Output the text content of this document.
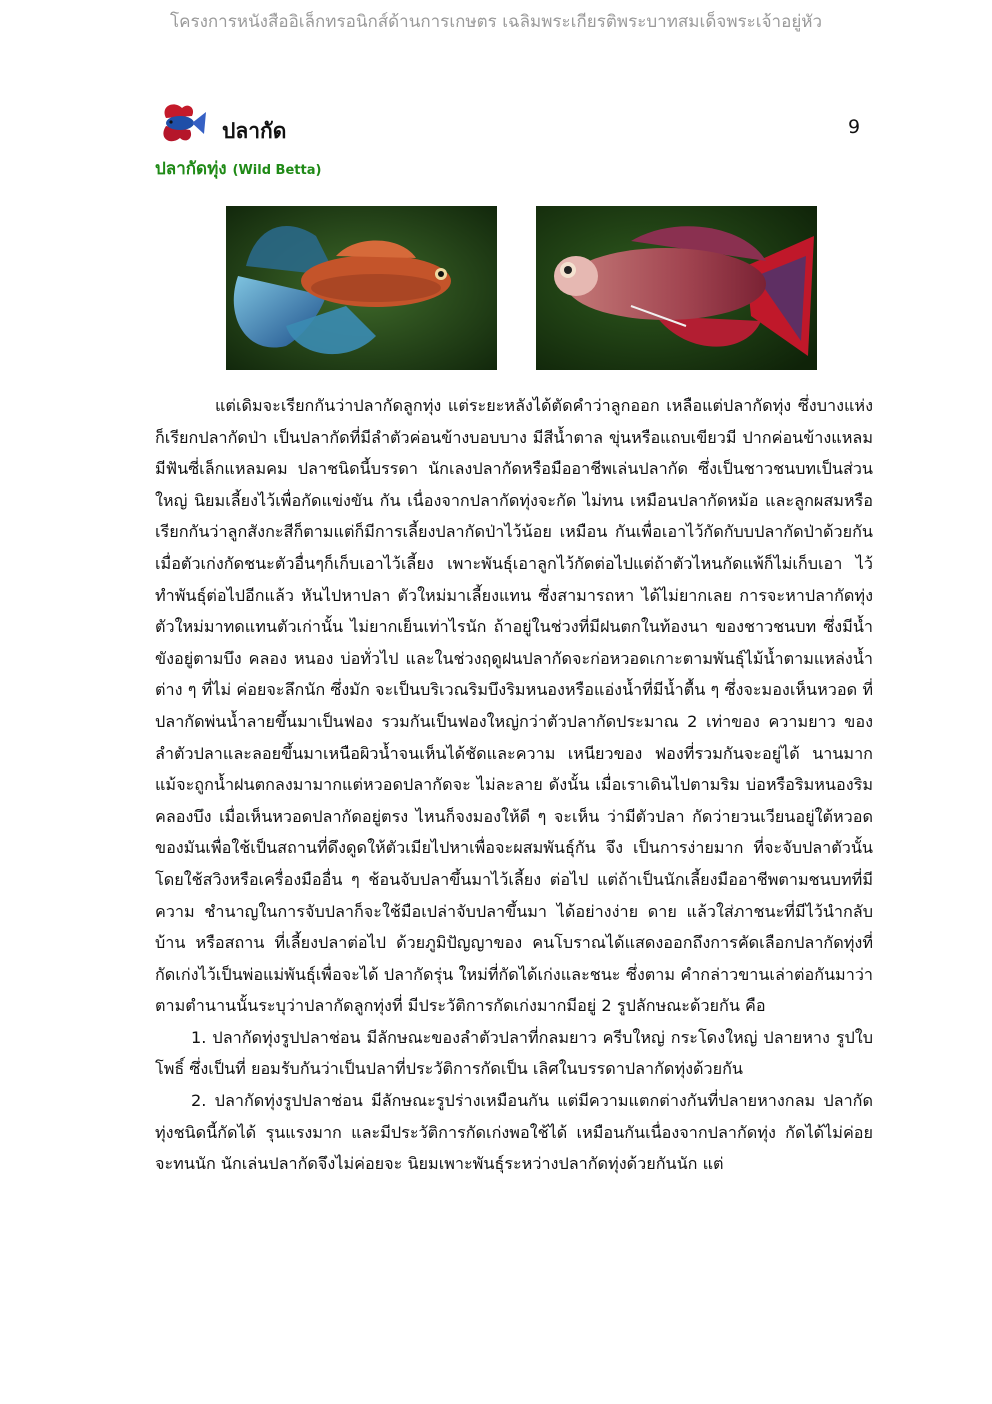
โครงการหนังสืออิเล็กทรอนิกส์ด้านการเกษตร เฉลิมพระเกียรติพระบาทสมเด็จพระเจ้าอยู่หัว
ปลากัด	9
ปลากัดทุ่ง (Wild Betta)

แต่เดิมจะเรียกกันว่าปลากัดลูกทุ่ง แต่ระยะหลังได้ตัดคำว่าลูกออก เหลือแต่ปลากัดทุ่ง ซึ่งบางแห่งก็เรียกปลากัดป่า เป็นปลากัดที่มีลำตัวค่อนข้างบอบบาง มีสีน้ำตาล ขุ่นหรือแถบเขียวมี ปากค่อนข้างแหลม มีฟันซี่เล็กแหลมคม ปลาชนิดนี้บรรดา นักเลงปลากัดหรือมืออาชีพเล่นปลากัด ซึ่งเป็นชาวชนบทเป็นส่วนใหญ่ นิยมเลี้ยงไว้เพื่อกัดแข่งขัน กัน เนื่องจากปลากัดทุ่งจะกัด ไม่ทน เหมือนปลากัดหม้อ และลูกผสมหรือเรียกกันว่าลูกสังกะสีก็ตามแต่ก็มีการเลี้ยงปลากัดป่าไว้น้อย เหมือน กันเพื่อเอาไว้กัดกับบปลากัดป่าด้วยกัน เมื่อตัวเก่งกัดชนะตัวอื่นๆก็เก็บเอาไว้เลี้ยง เพาะพันธุ์เอาลูกไว้กัดต่อไปแต่ถ้าตัวไหนกัดแพ้ก็ไม่เก็บเอา ไว้ทำพันธุ์ต่อไปอีกแล้ว หันไปหาปลา ตัวใหม่มาเลี้ยงแทน ซึ่งสามารถหา ได้ไม่ยากเลย การจะหาปลากัดทุ่งตัวใหม่มาทดแทนตัวเก่านั้น ไม่ยากเย็นเท่าไรนัก ถ้าอยู่ในช่วงที่มีฝนตกในท้องนา ของชาวชนบท ซึ่งมีน้ำขังอยู่ตามบึง คลอง หนอง บ่อทั่วไป และในช่วงฤดูฝนปลากัดจะก่อหวอดเกาะตามพันธุ์ไม้น้ำตามแหล่งน้ำต่าง ๆ ที่ไม่ ค่อยจะลึกนัก ซึ่งมัก จะเป็นบริเวณริมบึงริมหนองหรือแอ่งน้ำที่มีน้ำตื้น ๆ ซึ่งจะมองเห็นหวอด ที่ ปลากัดพ่นน้ำลายขึ้นมาเป็นฟอง รวมกันเป็นฟองใหญ่กว่าตัวปลากัดประมาณ 2 เท่าของ ความยาว ของลำตัวปลาและลอยขึ้นมาเหนือผิวน้ำจนเห็นได้ชัดและความ เหนียวของ ฟองที่รวมกันจะอยู่ได้ นานมาก แม้จะถูกน้ำฝนตกลงมามากแต่หวอดปลากัดจะ ไม่ละลาย ดังนั้น เมื่อเราเดินไปตามริม บ่อหรือริมหนองริมคลองบึง เมื่อเห็นหวอดปลากัดอยู่ตรง ไหนก็จงมองให้ดี ๆ จะเห็น ว่ามีตัวปลา กัดว่ายวนเวียนอยู่ใต้หวอด ของมันเพื่อใช้เป็นสถานที่ดึงดูดให้ตัวเมียไปหาเพื่อจะผสมพันธุ์กัน จึง เป็นการง่ายมาก ที่จะจับปลาตัวนั้น โดยใช้สวิงหรือเครื่องมืออื่น ๆ ช้อนจับปลาขึ้นมาไว้เลี้ยง ต่อไป แต่ถ้าเป็นนักเลี้ยงมืออาชีพตามชนบทที่มีความ ชำนาญในการจับปลาก็จะใช้มือเปล่าจับปลาขึ้นมา ได้อย่างง่าย ดาย แล้วใส่ภาชนะที่มีไว้นำกลับบ้าน หรือสถาน ที่เลี้ยงปลาต่อไป ด้วยภูมิปัญญาของ คนโบราณได้แสดงออกถึงการคัดเลือกปลากัดทุ่งที่กัดเก่งไว้เป็นพ่อแม่พันธุ์เพื่อจะได้ ปลากัดรุ่น ใหม่ที่กัดได้เก่งและชนะ ซึ่งตาม คำกล่าวขานเล่าต่อกันมาว่าตามตำนานนั้นระบุว่าปลากัดลูกทุ่งที่ มีประวัติการกัดเก่งมากมีอยู่ 2 รูปลักษณะด้วยกัน คือ

1. ปลากัดทุ่งรูปปลาช่อน มีลักษณะของลำตัวปลาที่กลมยาว ครีบใหญ่ กระโดงใหญ่ ปลายหาง รูปใบโพธิ์ ซึ่งเป็นที่ ยอมรับกันว่าเป็นปลาที่ประวัติการกัดเป็น เลิศในบรรดาปลากัดทุ่งด้วยกัน

2. ปลากัดทุ่งรูปปลาช่อน มีลักษณะรูปร่างเหมือนกัน แต่มีความแตกต่างกันที่ปลายหางกลม ปลากัดทุ่งชนิดนี้กัดได้ รุนแรงมาก และมีประวัติการกัดเก่งพอใช้ได้ เหมือนกันเนื่องจากปลากัดทุ่ง กัดได้ไม่ค่อยจะทนนัก นักเล่นปลากัดจึงไม่ค่อยจะ นิยมเพาะพันธุ์ระหว่างปลากัดทุ่งด้วยกันนัก แต่
